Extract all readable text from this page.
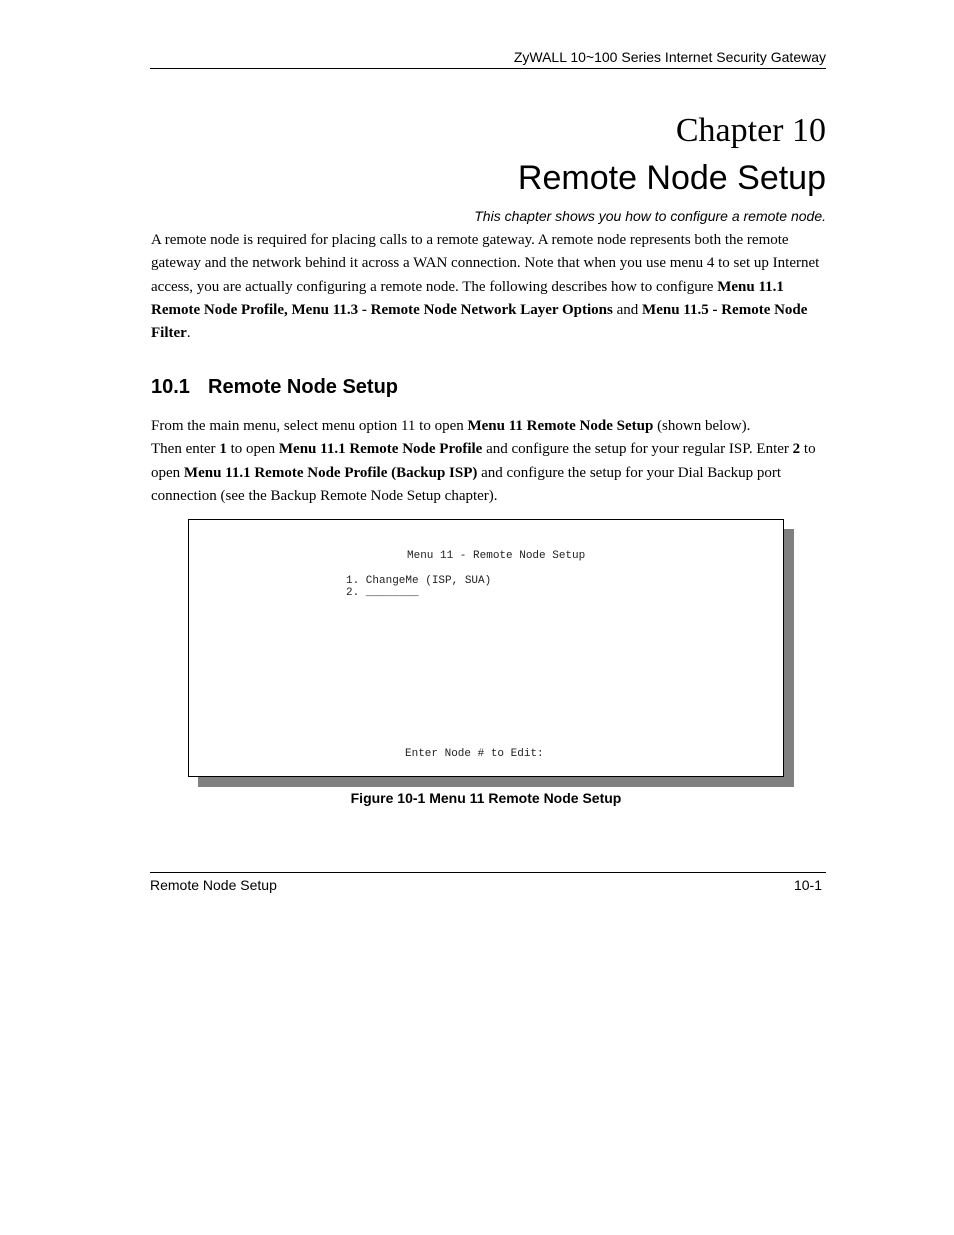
ZyWALL 10~100 Series Internet Security Gateway
Chapter 10
Remote Node Setup
This chapter shows you how to configure a remote node.
A remote node is required for placing calls to a remote gateway. A remote node represents both the remote gateway and the network behind it across a WAN connection. Note that when you use menu 4 to set up Internet access, you are actually configuring a remote node. The following describes how to configure Menu 11.1 Remote Node Profile, Menu 11.3 - Remote Node Network Layer Options and Menu 11.5 - Remote Node Filter.
10.1 Remote Node Setup
From the main menu, select menu option 11 to open Menu 11 Remote Node Setup (shown below).
Then enter 1 to open Menu 11.1 Remote Node Profile and configure the setup for your regular ISP. Enter 2 to open Menu 11.1 Remote Node Profile (Backup ISP) and configure the setup for your Dial Backup port connection (see the Backup Remote Node Setup chapter).
Menu 11 - Remote Node Setup
1. ChangeMe (ISP, SUA)
2. ________
Enter Node # to Edit:
Figure 10-1 Menu 11 Remote Node Setup
Remote Node Setup	10-1
